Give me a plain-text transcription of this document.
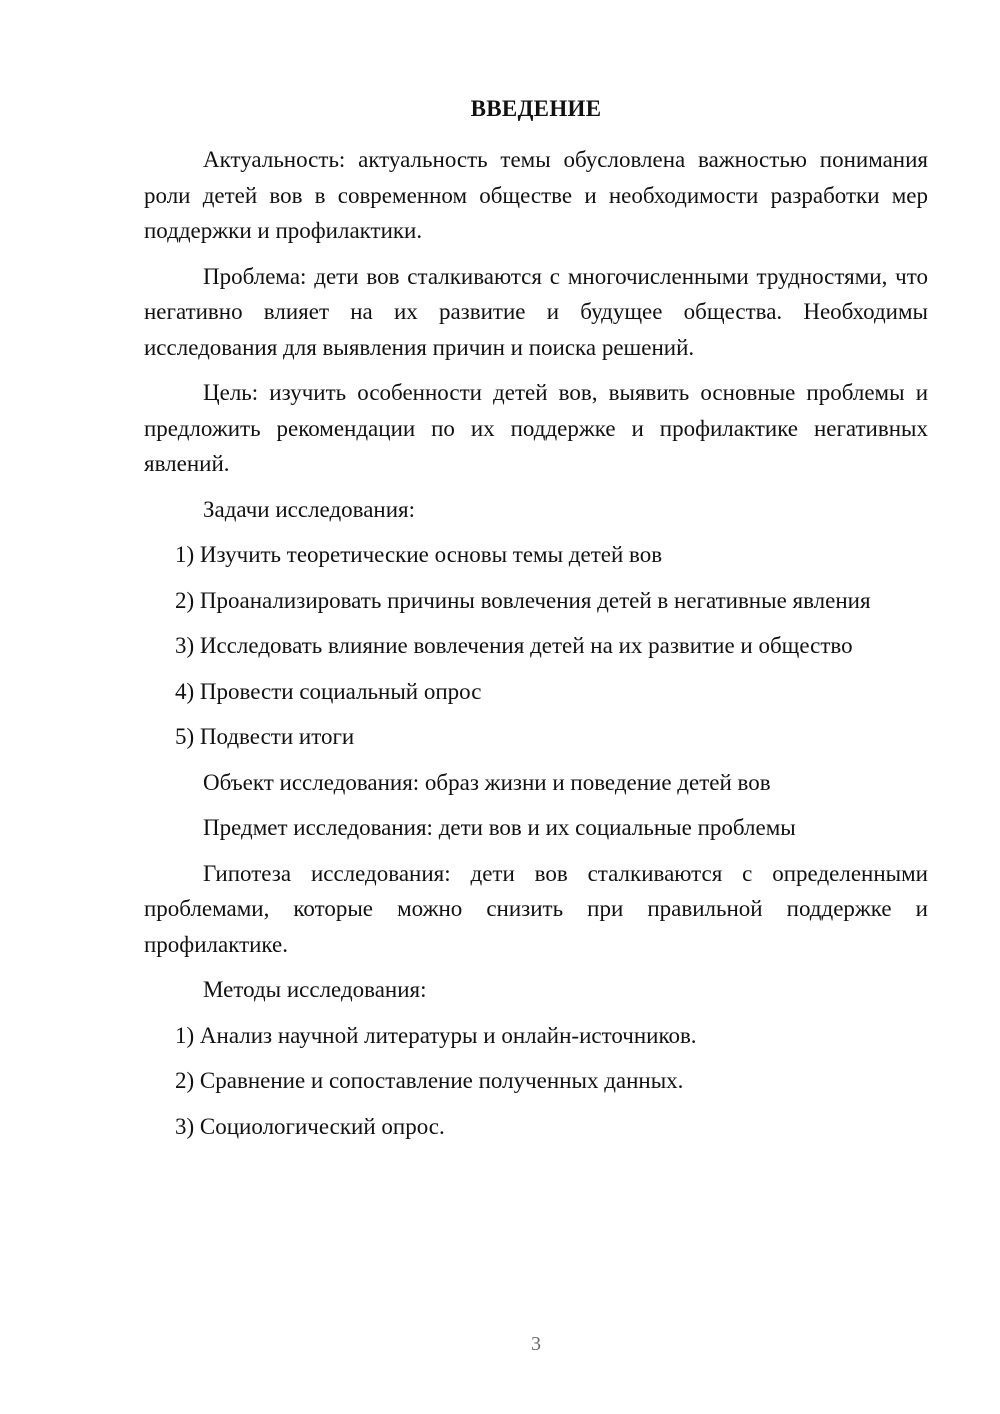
ВВЕДЕНИЕ

Актуальность: актуальность темы обусловлена важностью понимания роли детей вов в современном обществе и необходимости разработки мер поддержки и профилактики.

Проблема: дети вов сталкиваются с многочисленными трудностями, что негативно влияет на их развитие и будущее общества. Необходимы исследования для выявления причин и поиска решений.

Цель: изучить особенности детей вов, выявить основные проблемы и предложить рекомендации по их поддержке и профилактике негативных явлений.

Задачи исследования:

1) Изучить теоретические основы темы детей вов

2) Проанализировать причины вовлечения детей в негативные явления

3) Исследовать влияние вовлечения детей на их развитие и общество

4) Провести социальный опрос

5) Подвести итоги

Объект исследования: образ жизни и поведение детей вов

Предмет исследования: дети вов и их социальные проблемы

Гипотеза исследования: дети вов сталкиваются с определенными проблемами, которые можно снизить при правильной поддержке и профилактике.

Методы исследования:

1) Анализ научной литературы и онлайн-источников.

2) Сравнение и сопоставление полученных данных.

3) Социологический опрос.

3
